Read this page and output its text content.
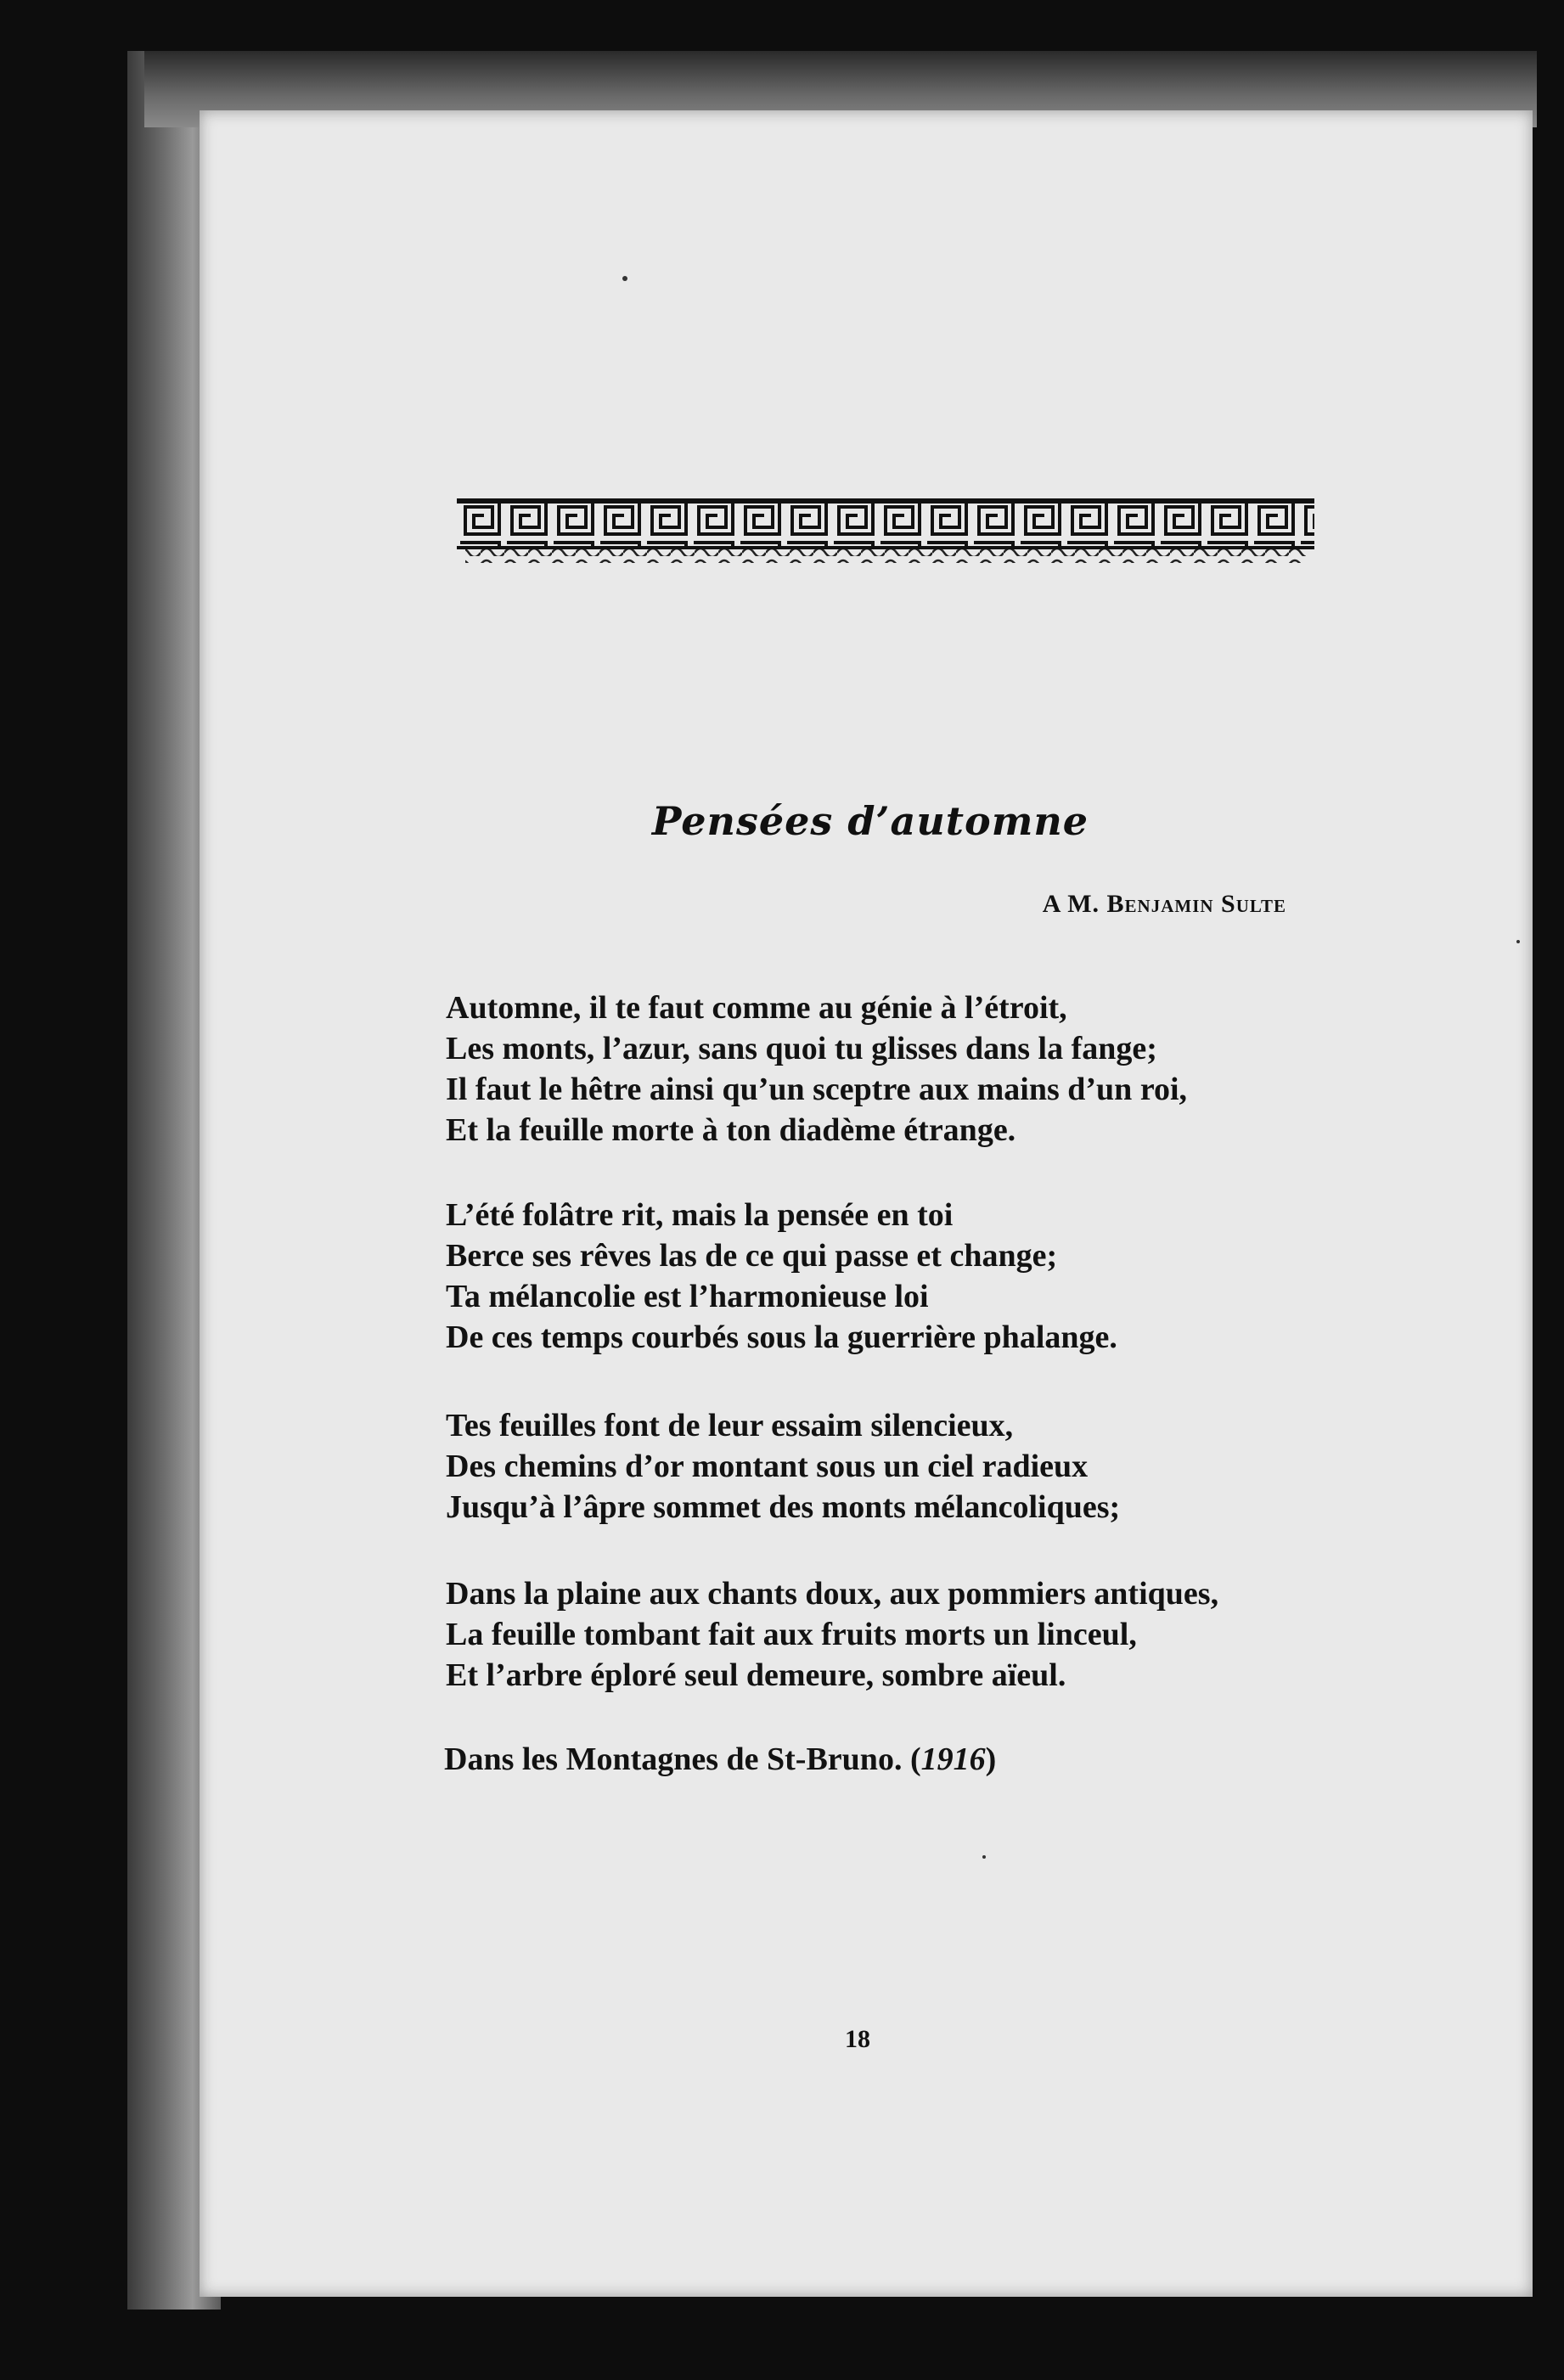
Pensées d’automne
A M. Benjamin Sulte
Automne, il te faut comme au génie à l’étroit,
Les monts, l’azur, sans quoi tu glisses dans la fange;
Il faut le hêtre ainsi qu’un sceptre aux mains d’un roi,
Et la feuille morte à ton diadème étrange.
L’été folâtre rit, mais la pensée en toi
Berce ses rêves las de ce qui passe et change;
Ta mélancolie est l’harmonieuse loi
De ces temps courbés sous la guerrière phalange.
Tes feuilles font de leur essaim silencieux,
Des chemins d’or montant sous un ciel radieux
Jusqu’à l’âpre sommet des monts mélancoliques;
Dans la plaine aux chants doux, aux pommiers antiques,
La feuille tombant fait aux fruits morts un linceul,
Et l’arbre éploré seul demeure, sombre aïeul.
Dans les Montagnes de St-Bruno. (1916)
18
